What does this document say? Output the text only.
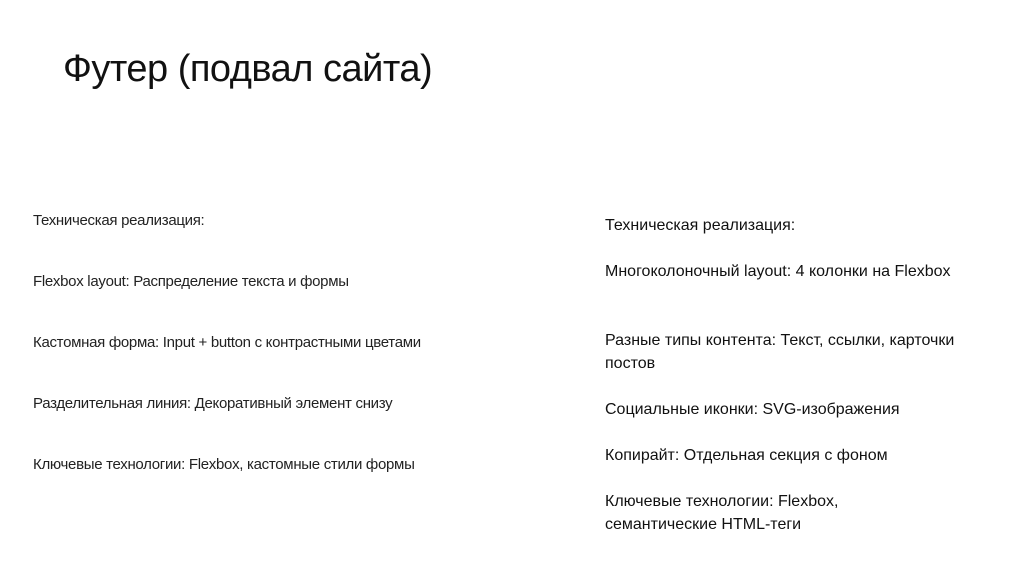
Футер (подвал сайта)
Техническая реализация:
Flexbox layout: Распределение текста и формы
Кастомная форма: Input + button с контрастными цветами
Разделительная линия: Декоративный элемент снизу
Ключевые технологии: Flexbox, кастомные стили формы
Техническая реализация:
Многоколоночный layout: 4 колонки на Flexbox
Разные типы контента: Текст, ссылки, карточки постов
Социальные иконки: SVG-изображения
Копирайт: Отдельная секция с фоном
Ключевые технологии: Flexbox, семантические HTML-теги
